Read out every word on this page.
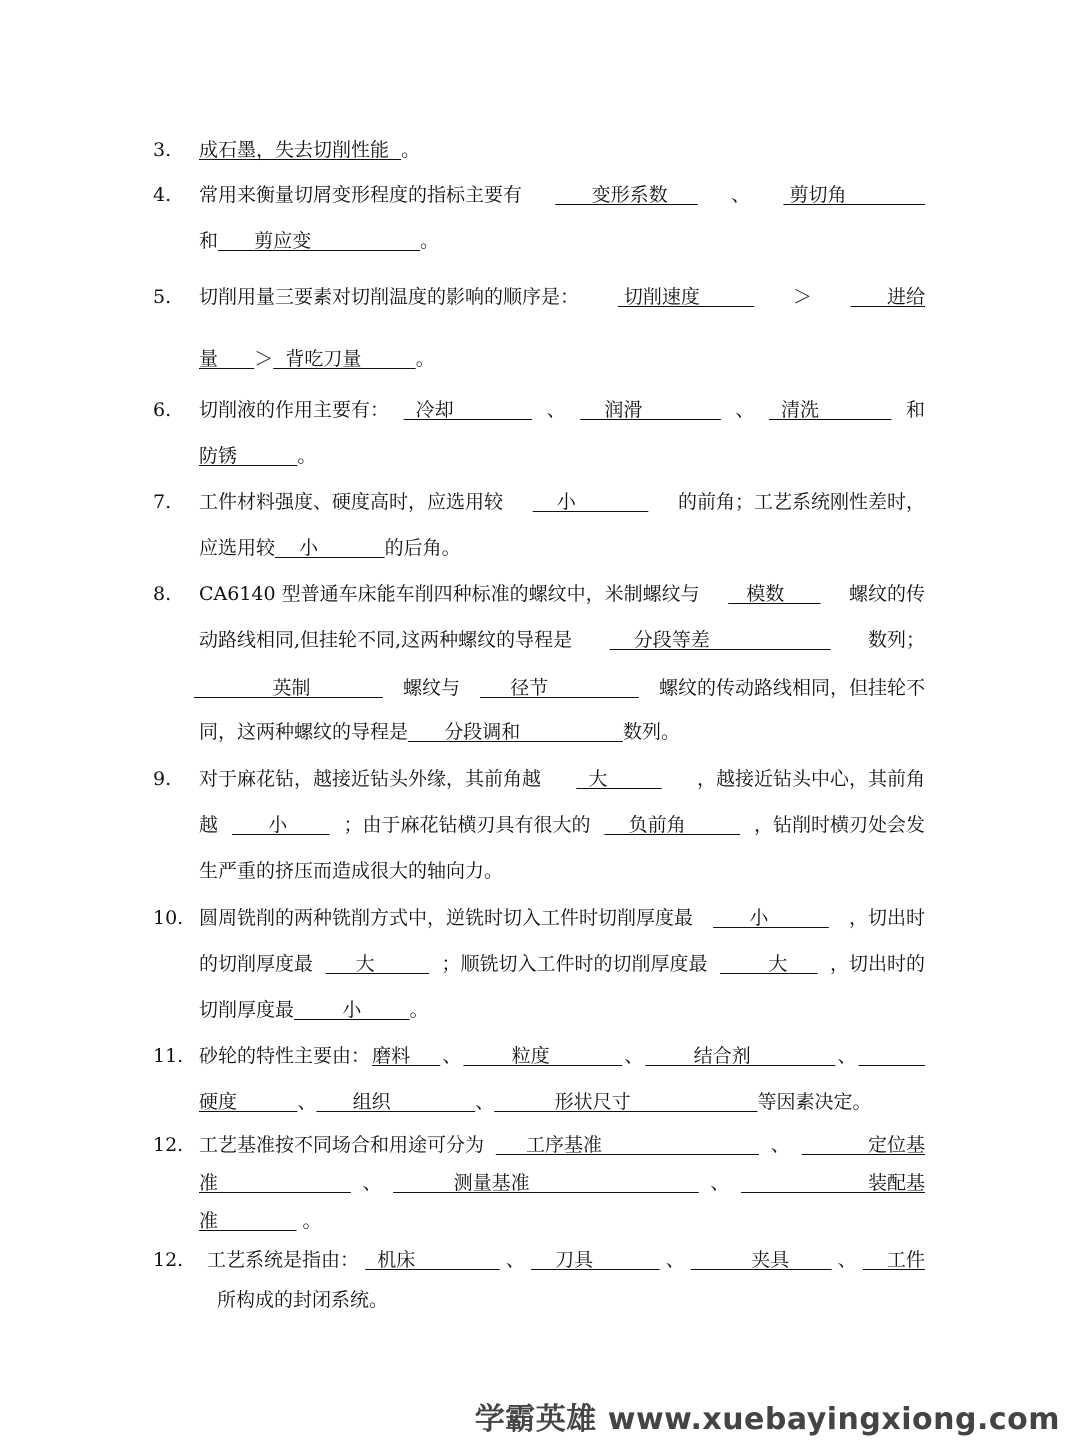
3.	成石墨，失去切削性能  。
4.	常用来衡量切屑变形程度的指标主要有 变形系数 、 剪切角
和      剪应变                  。
5.	切削用量三要素对切削温度的影响的顺序是： 切削速度 ＞ 进给
量      ＞  背吃刀量         。
6.	切削液的作用主要有： 冷却 、 润滑 、 清洗 和
防锈          。
7.	工件材料强度、硬度高时，应选用较 小 的前角；工艺系统刚性差时，
应选用较    小           的后角。
8.	CA6140 型普通车床能车削四种标准的螺纹中，米制螺纹与 模数 螺纹的传
动路线相同,但挂轮不同,这两种螺纹的导程是 分段等差 数列；
英制 螺纹与 径节 螺纹的传动路线相同，但挂轮不
同，这两种螺纹的导程是      分段调和                 数列。
9.	对于麻花钻，越接近钻头外缘，其前角越 大 ，越接近钻头中心，其前角
越 小 ；由于麻花钻横刃具有很大的 负前角 ，钻削时横刃处会发
生严重的挤压而造成很大的轴向力。
10. 圆周铣削的两种铣削方式中，逆铣时切入工件时切削厚度最 小 ，切出时
的切削厚度最 大 ；顺铣切入工件时的切削厚度最 大 ，切出时的
切削厚度最        小        。
11. 砂轮的特性主要由： 磨料 、 粒度 、 结合剂 、

硬度          、      组织              、          形状尺寸                     等因素决定。
12. 工艺基准按不同场合和用途可分为 工序基准 、 定位基
准 、 测量基准 、 装配基
准              。
12.	工艺系统是指由： 机床 、 刀具 、 夹具 、 工件
所构成的封闭系统。
学霸英雄 www.xuebayingxiong.com
